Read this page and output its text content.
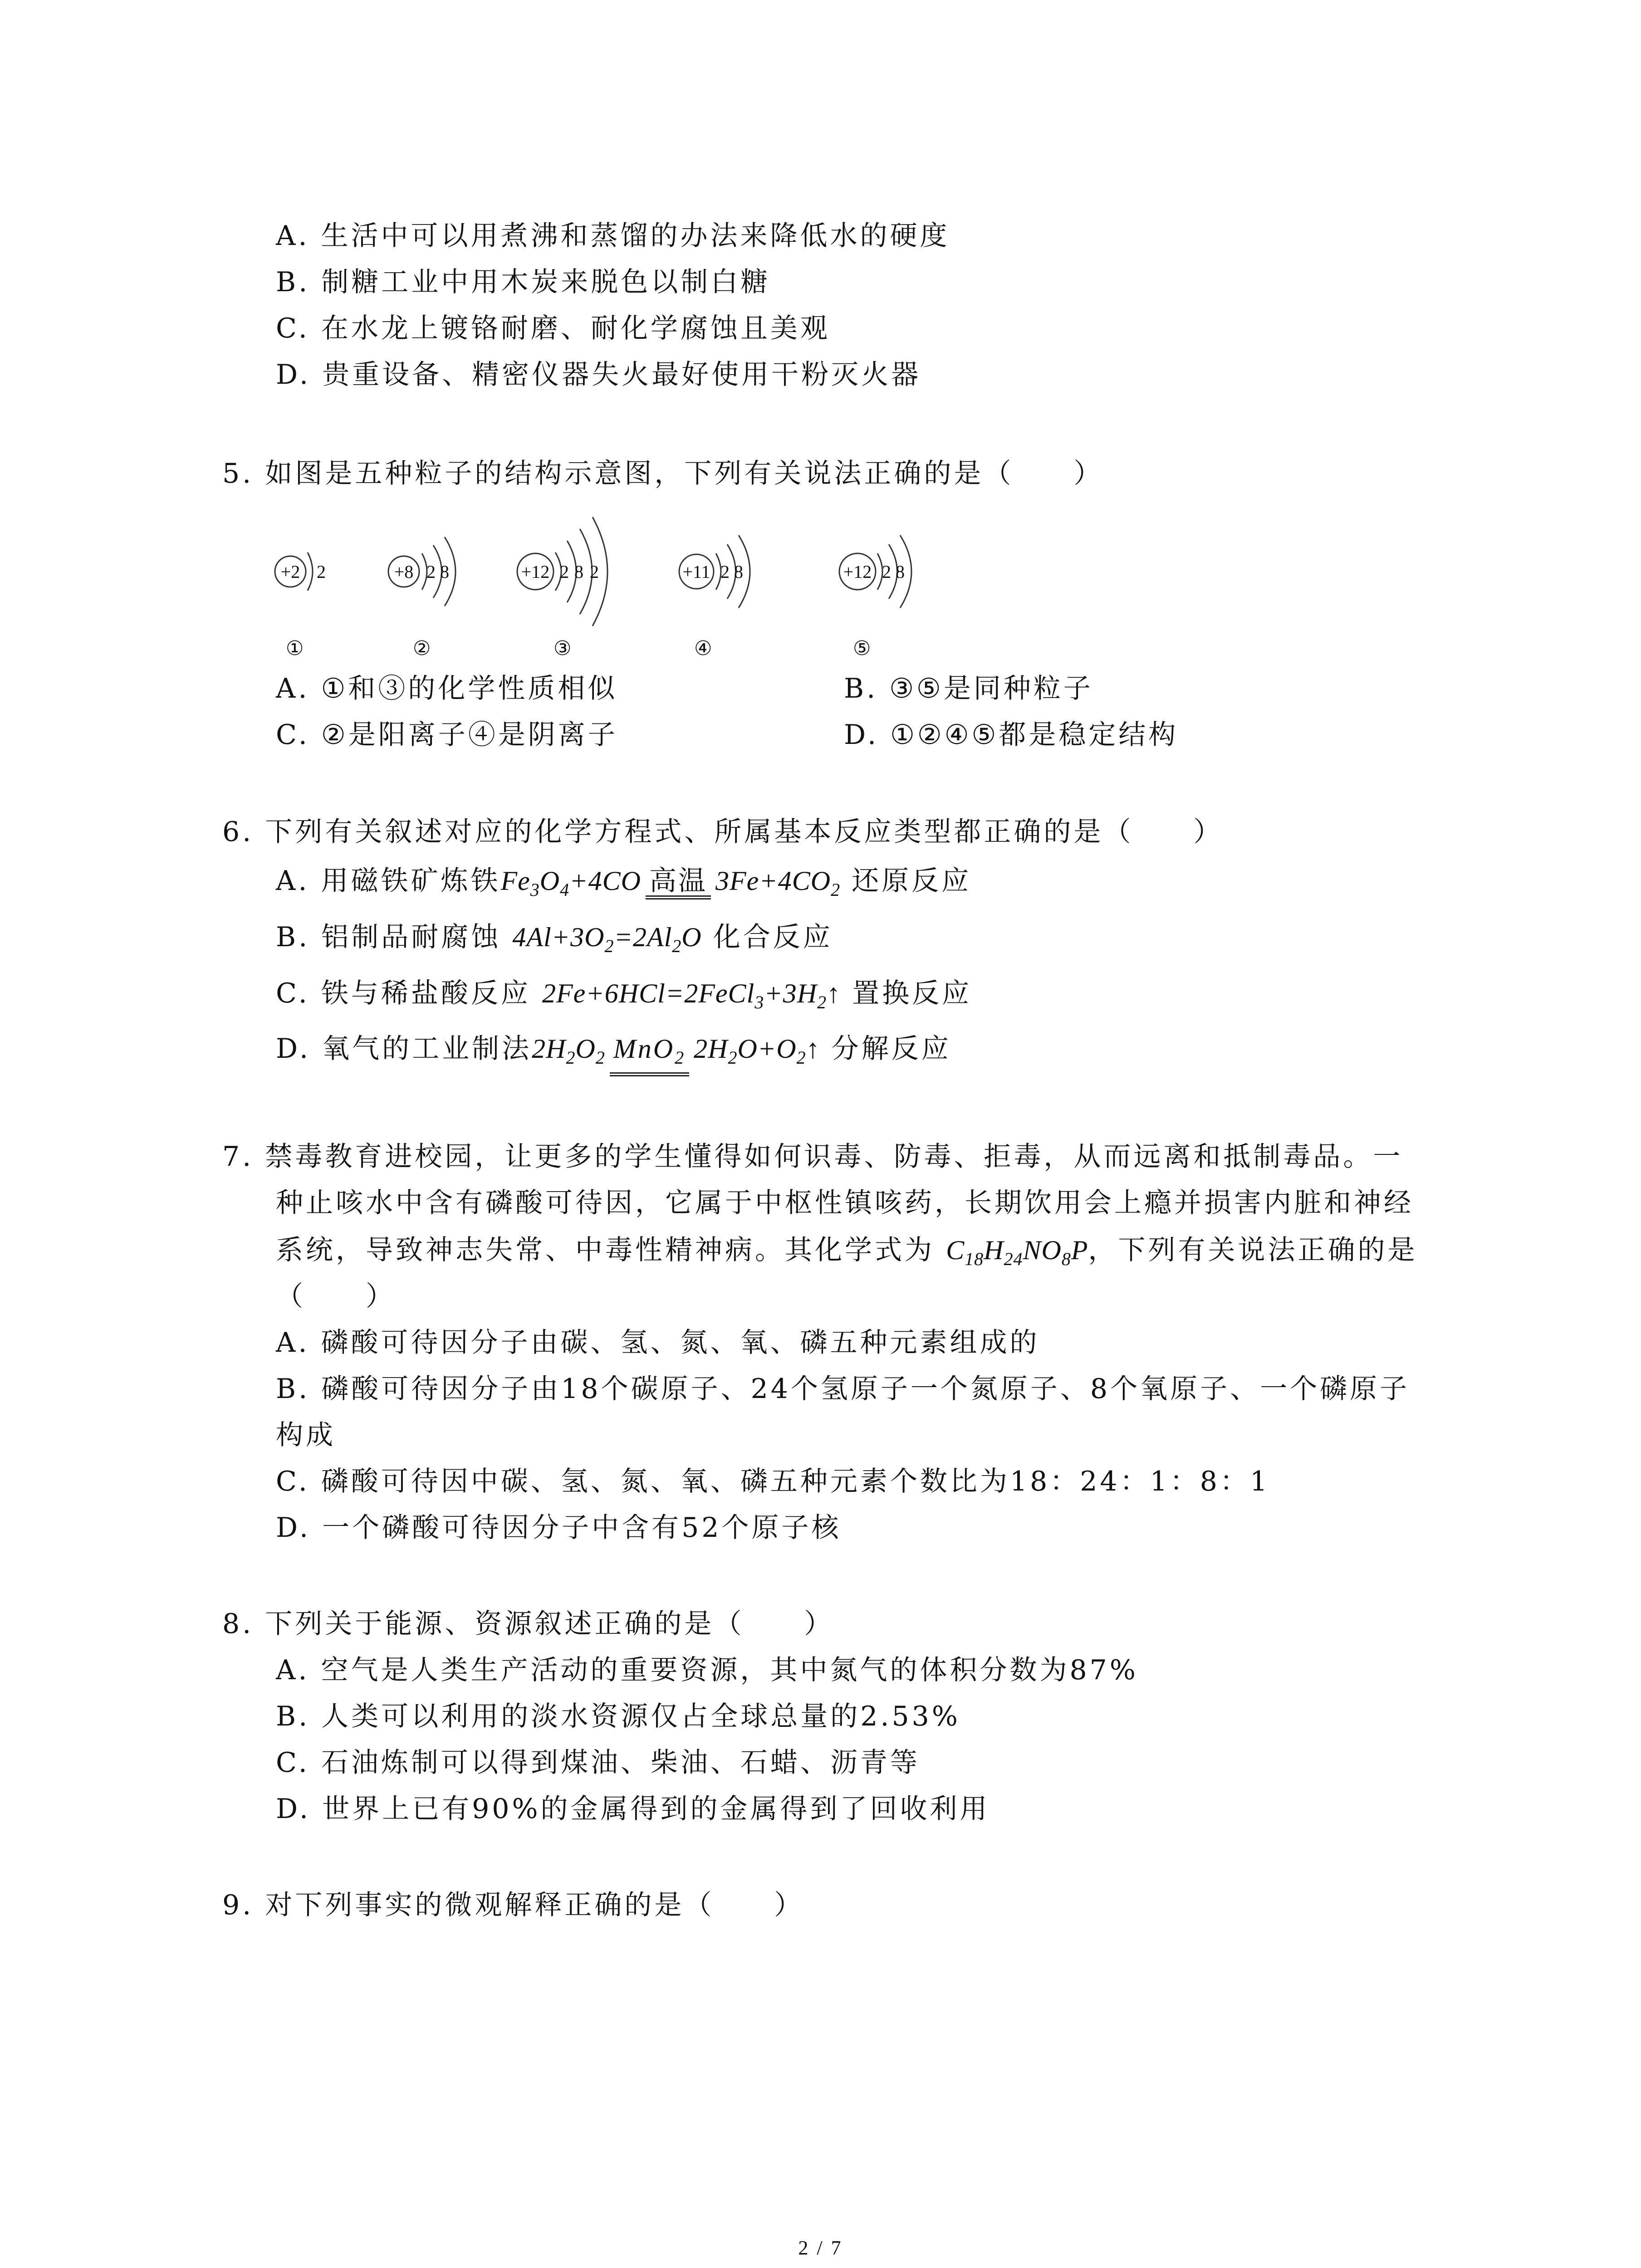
A. 生活中可以用煮沸和蒸馏的办法来降低水的硬度
B. 制糖工业中用木炭来脱色以制白糖
C. 在水龙上镀铬耐磨、耐化学腐蚀且美观
D. 贵重设备、精密仪器失火最好使用干粉灭火器
5. 如图是五种粒子的结构示意图，下列有关说法正确的是（　　）
+2 2	+8 2 8	+12 2 8 2	+11 2 8	+12 2 8
①	②	③	④	⑤
A. ①和③的化学性质相似	B. ③⑤是同种粒子
C. ②是阳离子④是阴离子	D. ①②④⑤都是稳定结构
6. 下列有关叙述对应的化学方程式、所属基本反应类型都正确的是（　　）
A. 用磁铁矿炼铁$Fe_3O_4+4CO$ 高温 $3Fe+4CO_2$ 还原反应
B. 铝制品耐腐蚀 $4Al+3O_2=2Al_2O$ 化合反应
C. 铁与稀盐酸反应 $2Fe+6HCl=2FeCl_3+3H_2↑$ 置换反应
D. 氧气的工业制法$2H_2O_2$ MnO$_2$ $2H_2O+O_2↑$ 分解反应
7. 禁毒教育进校园，让更多的学生懂得如何识毒、防毒、拒毒，从而远离和抵制毒品。一
种止咳水中含有磷酸可待因，它属于中枢性镇咳药，长期饮用会上瘾并损害内脏和神经
系统，导致神志失常、中毒性精神病。其化学式为 $C_{18}H_{24}NO_8P$，下列有关说法正确的是
（　　）
A. 磷酸可待因分子由碳、氢、氮、氧、磷五种元素组成的
B. 磷酸可待因分子由18个碳原子、24个氢原子一个氮原子、8个氧原子、一个磷原子
构成
C. 磷酸可待因中碳、氢、氮、氧、磷五种元素个数比为18：24：1：8：1
D. 一个磷酸可待因分子中含有52个原子核
8. 下列关于能源、资源叙述正确的是（　　）
A. 空气是人类生产活动的重要资源，其中氮气的体积分数为87%
B. 人类可以利用的淡水资源仅占全球总量的2.53%
C. 石油炼制可以得到煤油、柴油、石蜡、沥青等
D. 世界上已有90%的金属得到的金属得到了回收利用
9. 对下列事实的微观解释正确的是（　　）
2 / 7
